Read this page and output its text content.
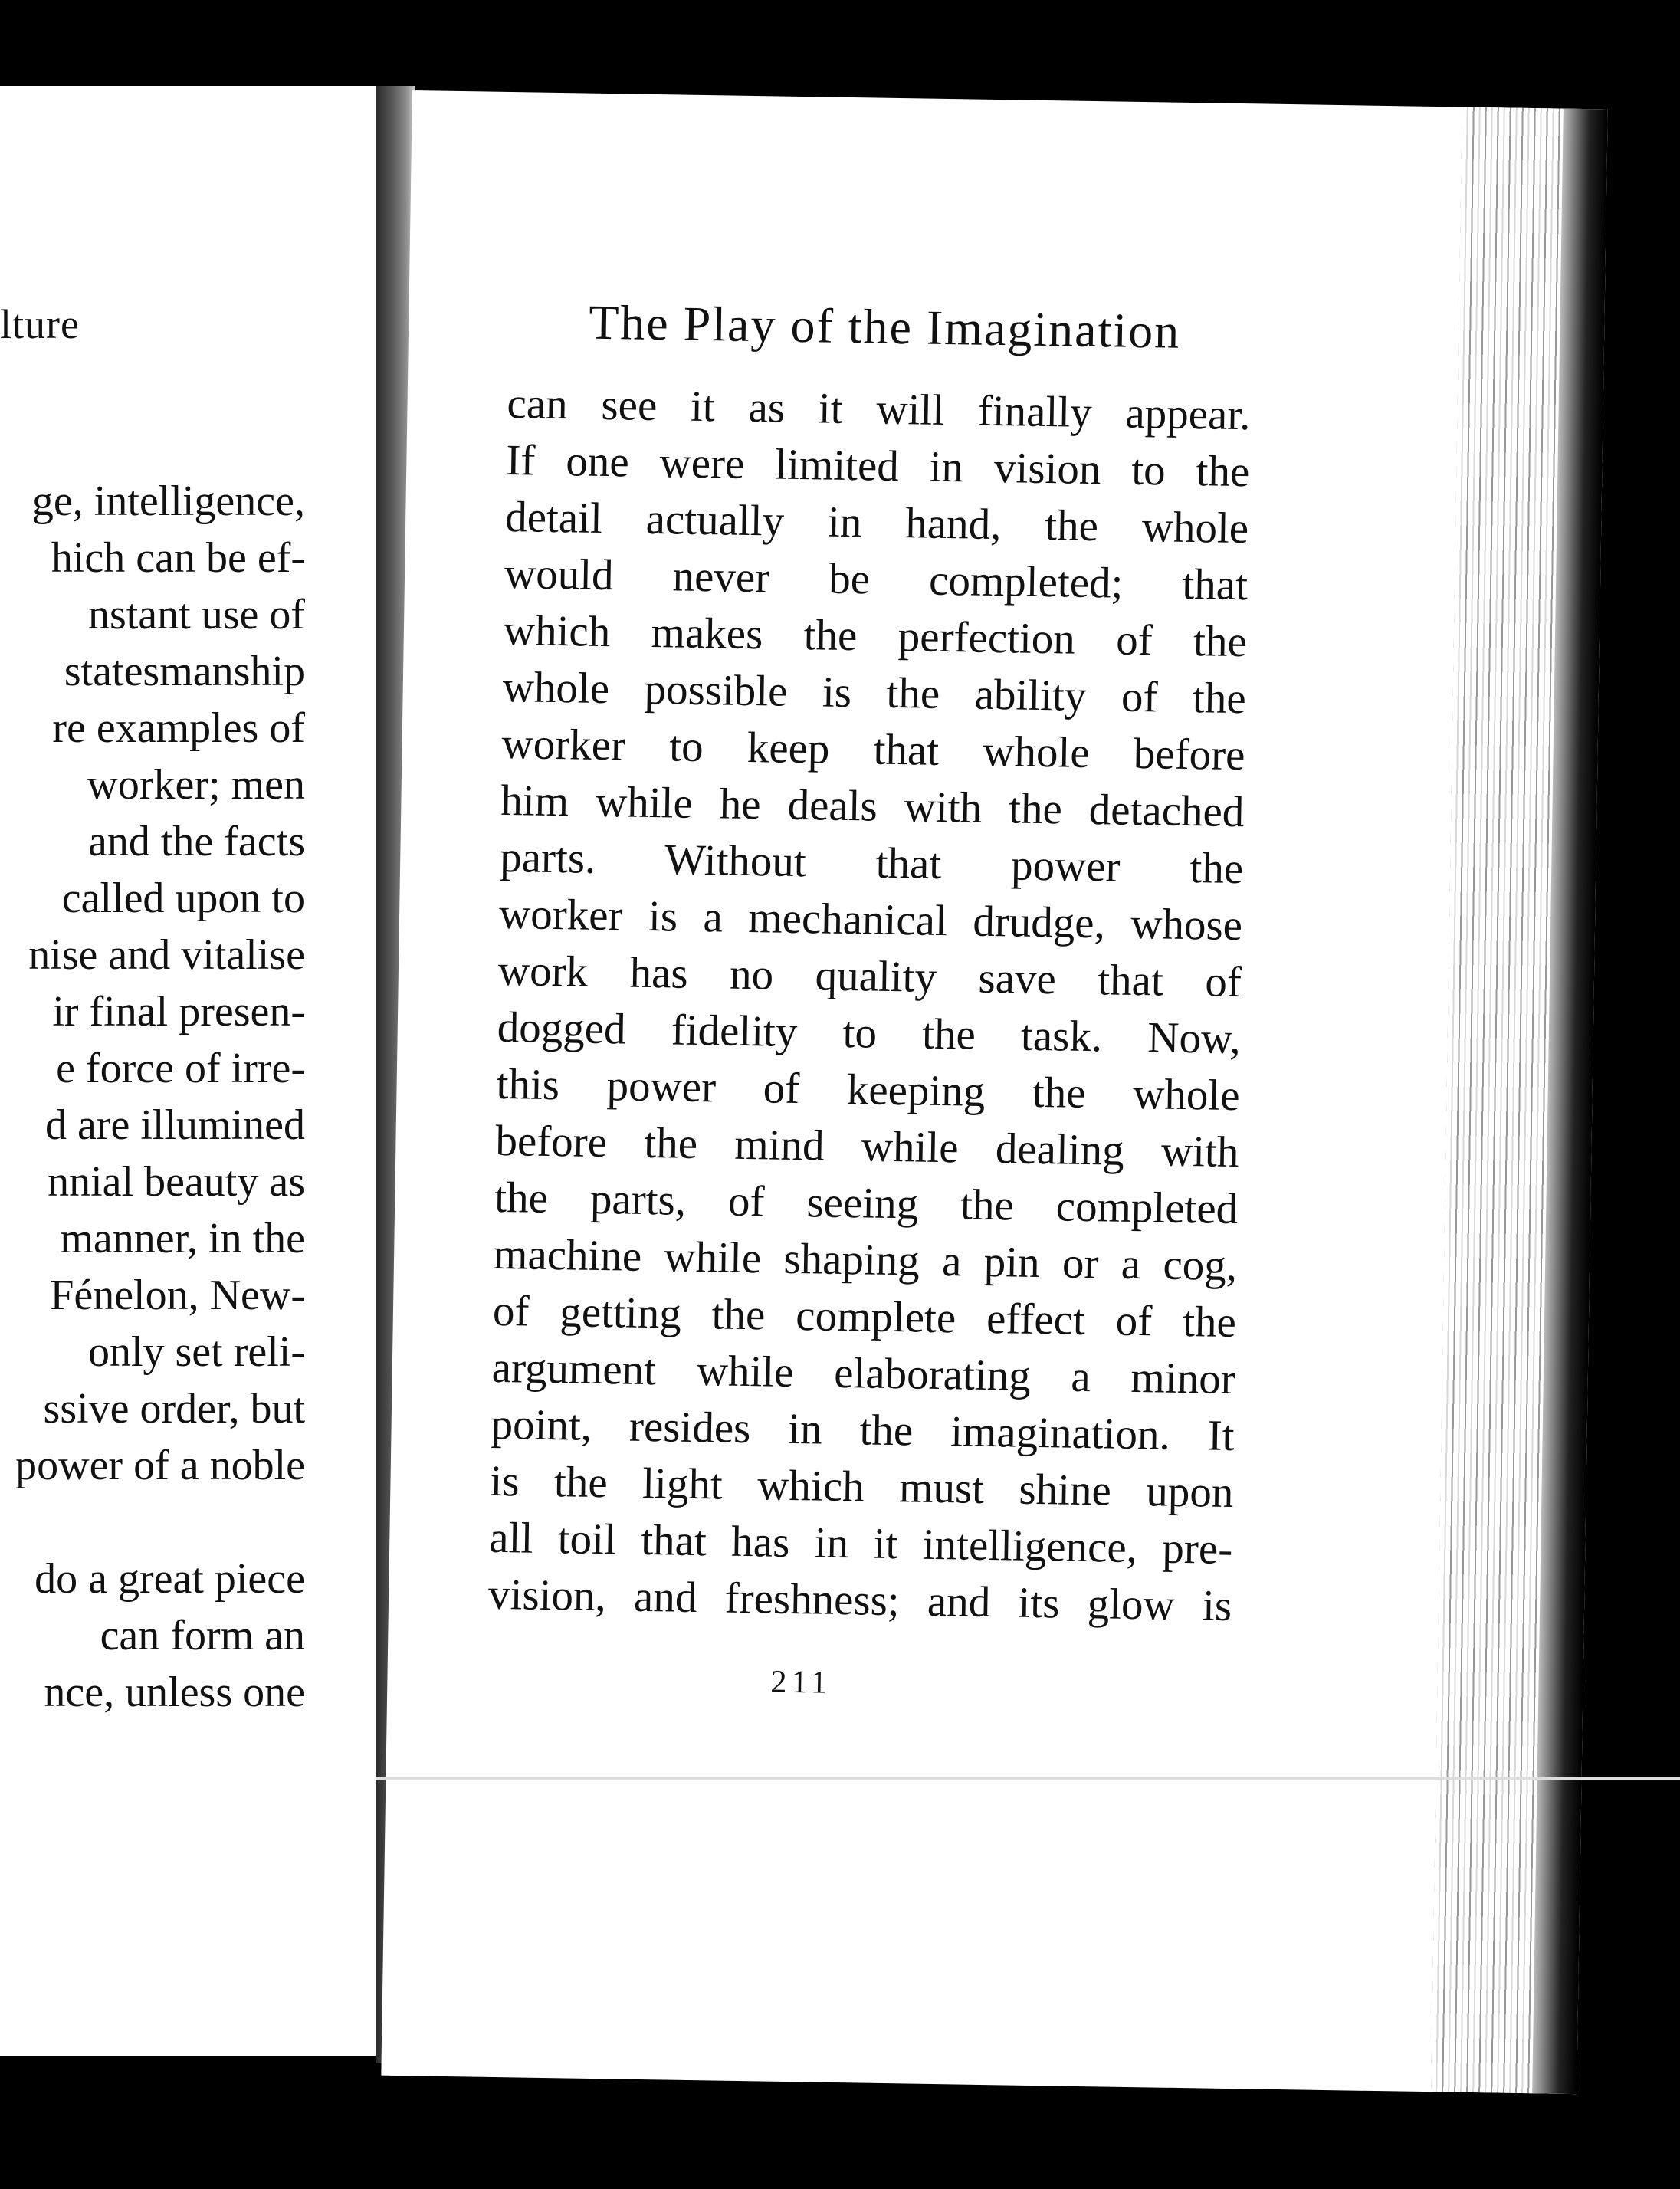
lture
ge, intelligence,
hich can be ef-
nstant use of
statesmanship
re examples of
worker; men
and the facts
called upon to
nise and vitalise
ir final presen-
e force of irre-
d are illumined
nnial beauty as
manner, in the
Fénelon, New-
only set reli-
ssive order, but
power of a noble
do a great piece
can form an
nce, unless one
The Play of the Imagination
can see it as it will finally appear.
If one were limited in vision to the
detail actually in hand, the whole
would never be completed; that
which makes the perfection of the
whole possible is the ability of the
worker to keep that whole before
him while he deals with the detached
parts. Without that power the
worker is a mechanical drudge, whose
work has no quality save that of
dogged fidelity to the task. Now,
this power of keeping the whole
before the mind while dealing with
the parts, of seeing the completed
machine while shaping a pin or a cog,
of getting the complete effect of the
argument while elaborating a minor
point, resides in the imagination. It
is the light which must shine upon
all toil that has in it intelligence, pre-
vision, and freshness; and its glow is
211
